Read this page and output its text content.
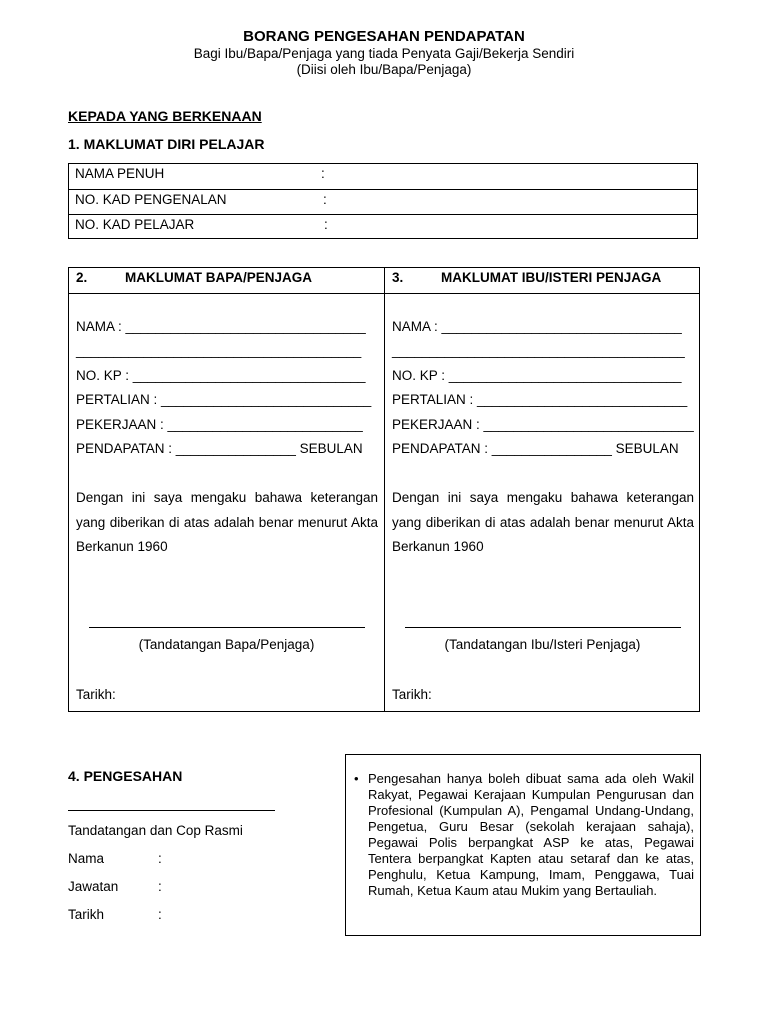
BORANG PENGESAHAN PENDAPATAN
Bagi Ibu/Bapa/Penjaga yang tiada Penyata Gaji/Bekerja Sendiri
(Diisi oleh Ibu/Bapa/Penjaga)
KEPADA YANG BERKENAAN
1. MAKLUMAT DIRI PELAJAR
NAMA PENUH	:
NO. KAD PENGENALAN	:
NO. KAD PELAJAR	:
2.	MAKLUMAT BAPA/PENJAGA
NAMA : ________________________________
______________________________________
NO. KP : _______________________________
PERTALIAN : ____________________________
PEKERJAAN : __________________________
PENDAPATAN : ________________ SEBULAN
Dengan ini saya mengaku bahawa keterangan yang diberikan di atas adalah benar menurut Akta Berkanun 1960
(Tandatangan Bapa/Penjaga)
Tarikh:
3.	MAKLUMAT IBU/ISTERI PENJAGA
NAMA : ________________________________
_______________________________________
NO. KP : _______________________________
PERTALIAN : ____________________________
PEKERJAAN : ____________________________
PENDAPATAN : ________________ SEBULAN
Dengan ini saya mengaku bahawa keterangan yang diberikan di atas adalah benar menurut Akta Berkanun 1960
(Tandatangan Ibu/Isteri Penjaga)
Tarikh:
4. PENGESAHAN
Tandatangan dan Cop Rasmi
Nama	:
Jawatan	:
Tarikh	:
• Pengesahan hanya boleh dibuat sama ada oleh Wakil Rakyat, Pegawai Kerajaan Kumpulan Pengurusan dan Profesional (Kumpulan A), Pengamal Undang-Undang, Pengetua, Guru Besar (sekolah kerajaan sahaja), Pegawai Polis berpangkat ASP ke atas, Pegawai Tentera berpangkat Kapten atau setaraf dan ke atas, Penghulu, Ketua Kampung, Imam, Penggawa, Tuai Rumah, Ketua Kaum atau Mukim yang Bertauliah.
